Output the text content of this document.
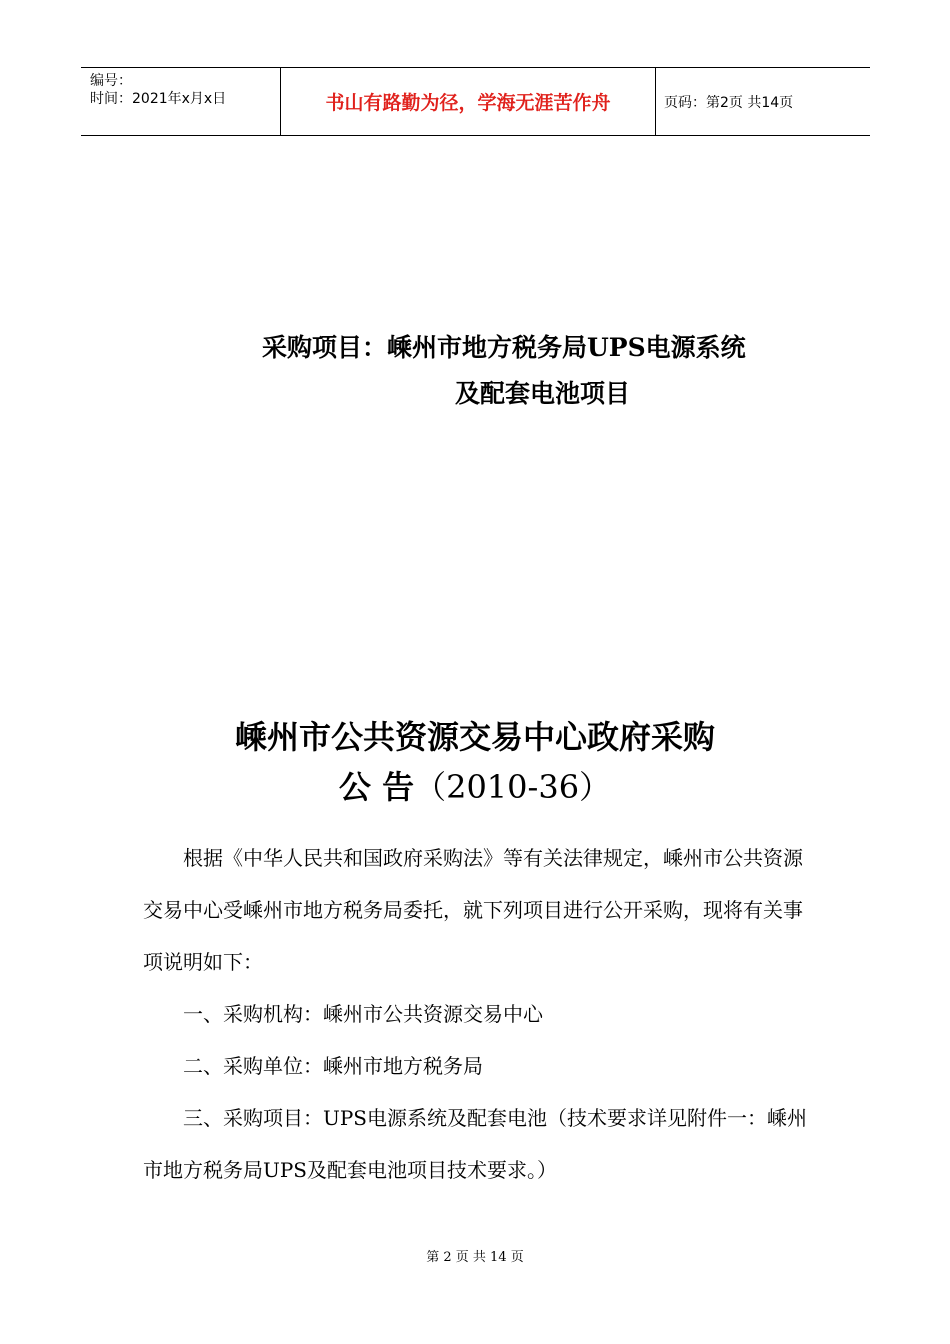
编号：
时间：2021年x月x日	书山有路勤为径，学海无涯苦作舟	页码：第2页 共14页
采购项目：嵊州市地方税务局UPS电源系统
及配套电池项目
嵊州市公共资源交易中心政府采购
公 告（2010-36）

根据《中华人民共和国政府采购法》等有关法律规定，嵊州市公共资源交易中心受嵊州市地方税务局委托，就下列项目进行公开采购，现将有关事项说明如下：

一、采购机构：嵊州市公共资源交易中心

二、采购单位：嵊州市地方税务局

三、采购项目：UPS电源系统及配套电池（技术要求详见附件一：嵊州市地方税务局UPS及配套电池项目技术要求。）

第 2 页 共 14 页
